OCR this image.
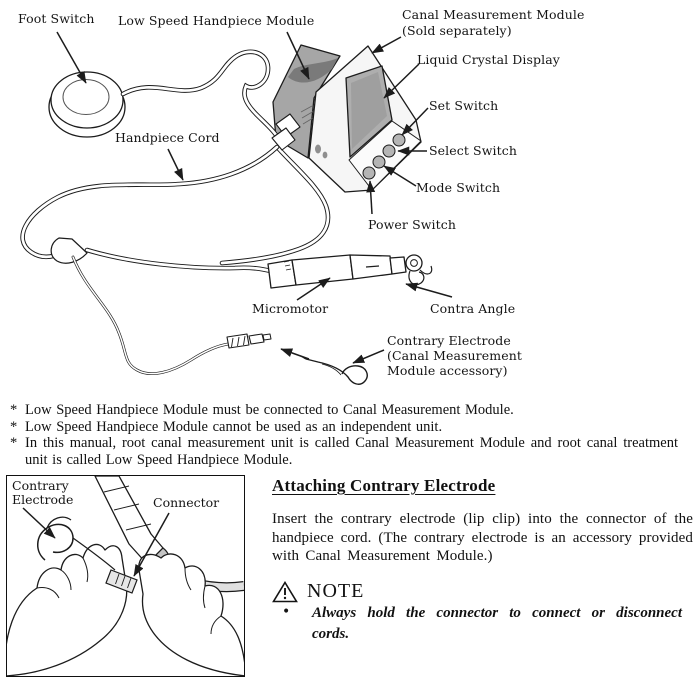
Foot Switch Low Speed Handpiece Module	Canal Measurement Module
(Sold separately)
Liquid Crystal Display
Set Switch
Select Switch
Mode Switch
Power Switch
Handpiece Cord
Micromotor	Contra Angle
Contrary Electrode
(Canal Measurement
Module accessory)
* Low Speed Handpiece Module must be connected to Canal Measurement Module.
* Low Speed Handpiece Module cannot be used as an independent unit.
* In this manual, root canal measurement unit is called Canal Measurement Module and root canal treatment unit is called Low Speed Handpiece Module.
Contrary
Electrode	Connector
Attaching Contrary Electrode
Insert the contrary electrode (lip clip) into the connector of the handpiece cord. (The contrary electrode is an accessory provided with Canal Measurement Module.)
NOTE
•	Always hold the connector to connect or disconnect cords.
